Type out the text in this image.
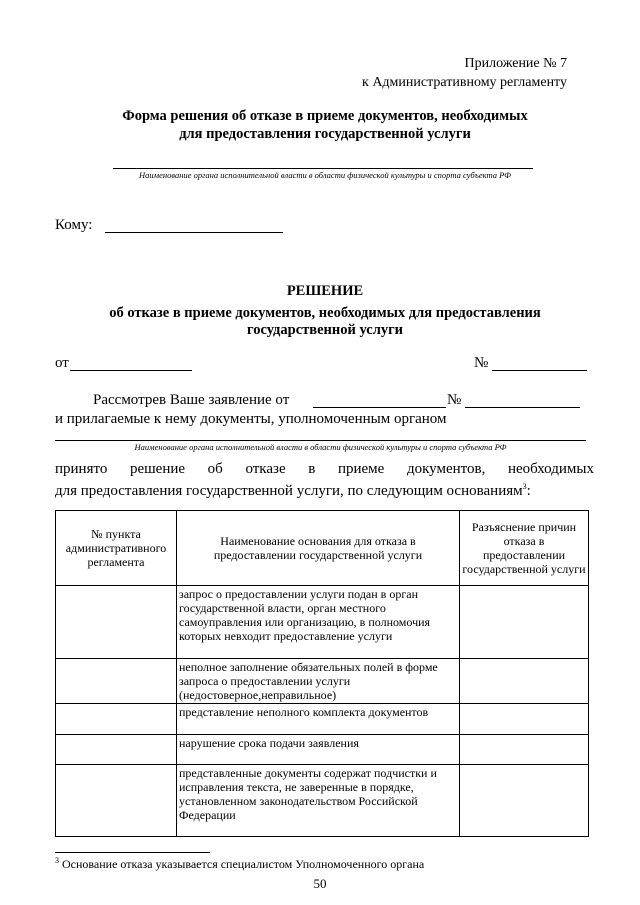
Приложение № 7
к Административному регламенту
Форма решения об отказе в приеме документов, необходимых
для предоставления государственной услуги
Наименование органа исполнительной власти в области физической культуры и спорта субъекта РФ
Кому:
РЕШЕНИЕ
об отказе в приеме документов, необходимых для предоставления
государственной услуги
от	№
Рассмотрев Ваше заявление от	№
и прилагаемые к нему документы, уполномоченным органом
Наименование органа исполнительной власти в области физической культуры и спорта субъекта РФ
принято решение об отказе в приеме документов, необходимых
для предоставления государственной услуги, по следующим основаниям$^3$:
№ пункта административного регламента	Наименование основания для отказа в предоставлении государственной услуги	Разъяснение причин отказа в предоставлении государственной услуги
	запрос о предоставлении услуги подан в орган государственной власти, орган местного самоуправления или организацию, в полномочия которых невходит предоставление услуги	
	неполное заполнение обязательных полей в форме запроса о предоставлении услуги (недостоверное,неправильное)	
	представление неполного комплекта документов	
	нарушение срока подачи заявления	
	представленные документы содержат подчистки и исправления текста, не заверенные в порядке, установленном законодательством Российской Федерации	
$^3$ Основание отказа указывается специалистом Уполномоченного органа
50
